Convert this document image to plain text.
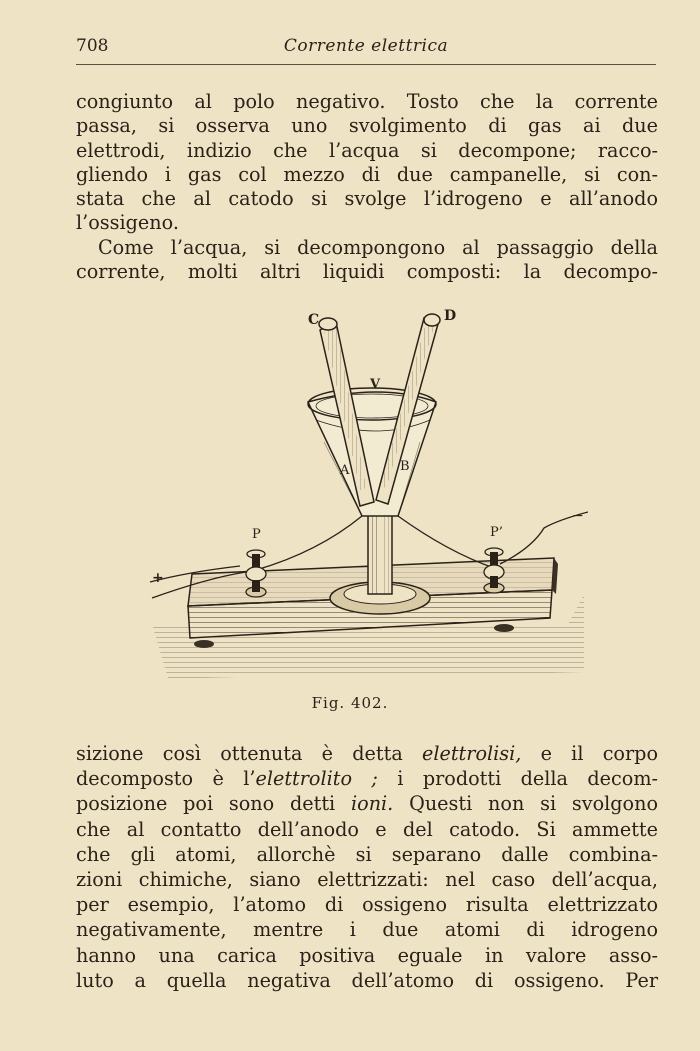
708	Corrente elettrica

congiunto al polo negativo. Tosto che la corrente
passa, si osserva uno svolgimento di gas ai due
elettrodi, indizio che l’acqua si decompone; racco-
gliendo i gas col mezzo di due campanelle, si con-
stata che al catodo si svolge l’idrogeno e all’anodo
l’ossigeno.

Come l’acqua, si decompongono al passaggio della
corrente, molti altri liquidi composti: la decompo-

C	D
V
A	B
P	P’
+
−
Fig. 402.

sizione così ottenuta è detta elettrolisi, e il corpo
decomposto è l’elettrolito ; i prodotti della decom-
posizione poi sono detti ioni. Questi non si svolgono
che al contatto dell’anodo e del catodo. Si ammette
che gli atomi, allorchè si separano dalle combina-
zioni chimiche, siano elettrizzati: nel caso dell’acqua,
per esempio, l’atomo di ossigeno risulta elettrizzato
negativamente, mentre i due atomi di idrogeno
hanno una carica positiva eguale in valore asso-
luto a quella negativa dell’atomo di ossigeno. Per
